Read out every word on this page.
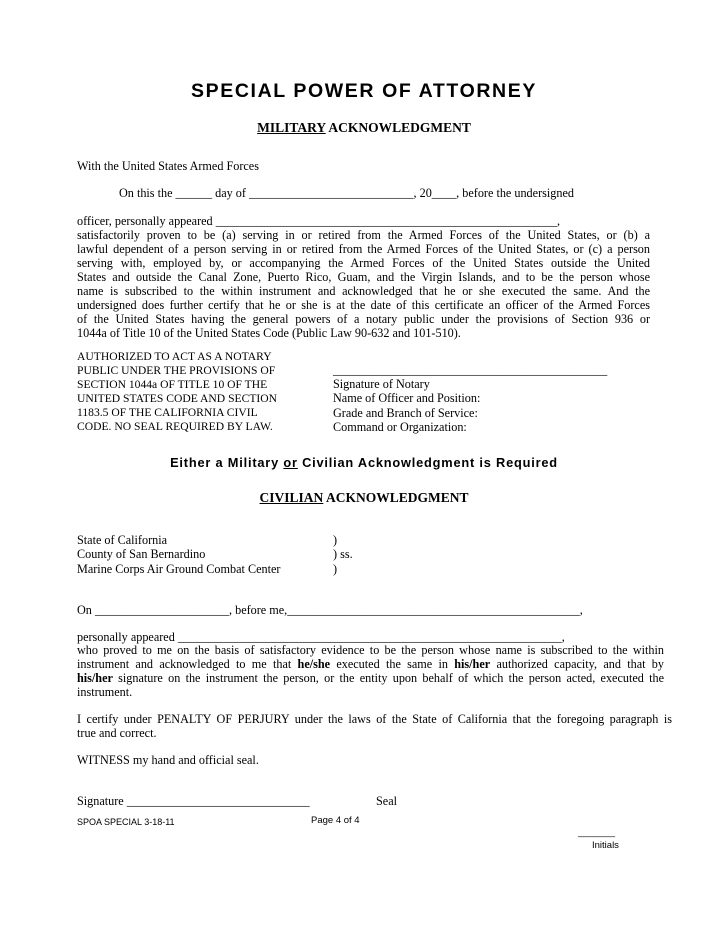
SPECIAL POWER OF ATTORNEY
MILITARY ACKNOWLEDGMENT
With the United States Armed Forces
On this the ______ day of ___________________________, 20____, before the undersigned
officer, personally appeared ________________________________________________________,
satisfactorily proven to be (a) serving in or retired from the Armed Forces of the United States, or (b) a
lawful dependent of a person serving in or retired from the Armed Forces of the United States, or (c) a person
serving with, employed by, or accompanying the Armed Forces of the United States outside the United
States and outside the Canal Zone, Puerto Rico, Guam, and the Virgin Islands, and to be the person whose
name is subscribed to the within instrument and acknowledged that he or she executed the same. And the
undersigned does further certify that he or she is at the date of this certificate an officer of the Armed Forces
of the United States having the general powers of a notary public under the provisions of Section 936 or
1044a of Title 10 of the United States Code (Public Law 90-632 and 101-510).
AUTHORIZED TO ACT AS A NOTARY
PUBLIC UNDER THE PROVISIONS OF
SECTION 1044a OF TITLE 10 OF THE
UNITED STATES CODE AND SECTION
1183.5 OF THE CALIFORNIA CIVIL
CODE. NO SEAL REQUIRED BY LAW.
_____________________________________________
Signature of Notary
Name of Officer and Position:
Grade and Branch of Service:
Command or Organization:
Either a Military or Civilian Acknowledgment is Required
CIVILIAN ACKNOWLEDGMENT
State of California
County of San Bernardino
Marine Corps Air Ground Combat Center
)
) ss.
)
On ______________________, before me,________________________________________________,
personally appeared _______________________________________________________________,
who proved to me on the basis of satisfactory evidence to be the person whose name is subscribed to the within
instrument and acknowledged to me that he/she executed the same in his/her authorized capacity, and that by
his/her signature on the instrument the person, or the entity upon behalf of which the person acted, executed the
instrument.
I certify under PENALTY OF PERJURY under the laws of the State of California that the foregoing paragraph is
true and correct.
WITNESS my hand and official seal.
Signature ______________________________	Seal
SPOA SPECIAL 3-18-11	Page 4 of 4
_______
Initials
